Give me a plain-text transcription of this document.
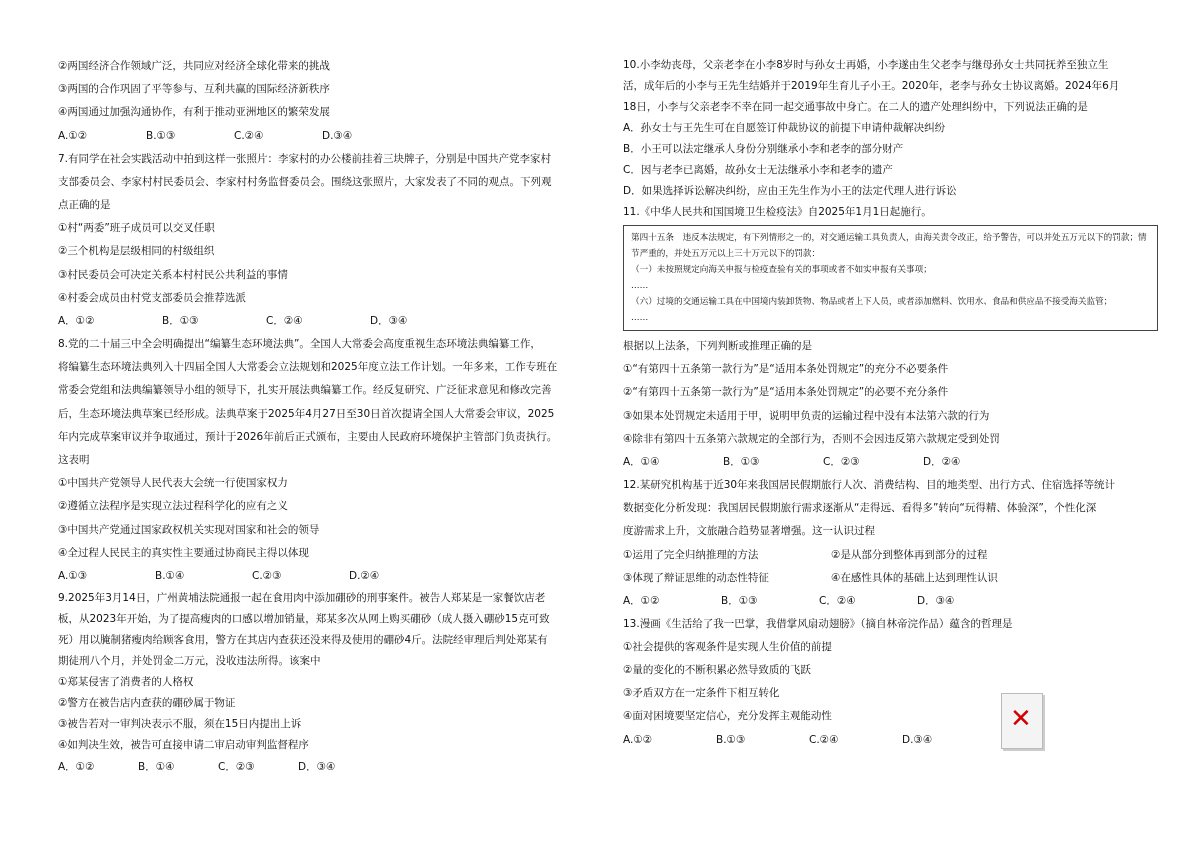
②两国经济合作领域广泛，共同应对经济全球化带来的挑战
③两国的合作巩固了平等参与、互利共赢的国际经济新秩序
④两国通过加强沟通协作，有利于推动亚洲地区的繁荣发展
A.①②	B.①③	C.②④	D.③④
7.有同学在社会实践活动中拍到这样一张照片：李家村的办公楼前挂着三块牌子，分别是中国共产党李家村
支部委员会、李家村村民委员会、李家村村务监督委员会。围绕这张照片，大家发表了不同的观点。下列观
点正确的是
①村“两委”班子成员可以交叉任职
②三个机构是层级相同的村级组织
③村民委员会可决定关系本村村民公共利益的事情
④村委会成员由村党支部委员会推荐选派
A．①②	B．①③	C．②④	D．③④
8.党的二十届三中全会明确提出“编纂生态环境法典”。全国人大常委会高度重视生态环境法典编纂工作，
将编纂生态环境法典列入十四届全国人大常委会立法规划和2025年度立法工作计划。一年多来，工作专班在
常委会党组和法典编纂领导小组的领导下，扎实开展法典编纂工作。经反复研究、广泛征求意见和修改完善
后，生态环境法典草案已经形成。法典草案于2025年4月27日至30日首次提请全国人大常委会审议，2025
年内完成草案审议并争取通过，预计于2026年前后正式颁布，主要由人民政府环境保护主管部门负责执行。
这表明
①中国共产党领导人民代表大会统一行使国家权力
②遵循立法程序是实现立法过程科学化的应有之义
③中国共产党通过国家政权机关实现对国家和社会的领导
④全过程人民民主的真实性主要通过协商民主得以体现
A.①③	B.①④	C.②③	D.②④
9.2025年3月14日，广州黄埔法院通报一起在食用肉中添加硼砂的刑事案件。被告人郑某是一家餐饮店老
板，从2023年开始，为了提高瘦肉的口感以增加销量，郑某多次从网上购买硼砂（成人摄入硼砂15克可致
死）用以腌制猪瘦肉给顾客食用，警方在其店内查获还没来得及使用的硼砂4斤。法院经审理后判处郑某有
期徒刑八个月，并处罚金二万元，没收违法所得。该案中
①郑某侵害了消费者的人格权
②警方在被告店内查获的硼砂属于物证
③被告若对一审判决表示不服，须在15日内提出上诉
④如判决生效，被告可直接申请二审启动审判监督程序
A．①②	B．①④	C．②③	D．③④
10.小李幼丧母，父亲老李在小李8岁时与孙女士再婚，小李遂由生父老李与继母孙女士共同抚养至独立生
活，成年后的小李与王先生结婚并于2019年生育儿子小王。2020年，老李与孙女士协议离婚。2024年6月
18日，小李与父亲老李不幸在同一起交通事故中身亡。在二人的遗产处理纠纷中，下列说法正确的是
A．孙女士与王先生可在自愿签订仲裁协议的前提下申请仲裁解决纠纷
B．小王可以法定继承人身份分别继承小李和老李的部分财产
C．因与老李已离婚，故孙女士无法继承小李和老李的遗产
D．如果选择诉讼解决纠纷，应由王先生作为小王的法定代理人进行诉讼
11.《中华人民共和国国境卫生检疫法》自2025年1月1日起施行。
第四十五条　违反本法规定，有下列情形之一的，对交通运输工具负责人，由海关责令改正，给予警告，可以并处五万元以下的罚款；情节严重的，并处五万元以上三十万元以下的罚款：
（一）未按照规定向海关申报与检疫查验有关的事项或者不如实申报有关事项；
……
（六）过境的交通运输工具在中国境内装卸货物、物品或者上下人员，或者添加燃料、饮用水、食品和供应品不接受海关监管；
……
根据以上法条，下列判断或推理正确的是
①“有第四十五条第一款行为”是“适用本条处罚规定”的充分不必要条件
②“有第四十五条第一款行为”是“适用本条处罚规定”的必要不充分条件
③如果本处罚规定未适用于甲，说明甲负责的运输过程中没有本法第六款的行为
④除非有第四十五条第六款规定的全部行为，否则不会因违反第六款规定受到处罚
A．①④	B．①③	C．②③	D．②④
12.某研究机构基于近30年来我国居民假期旅行人次、消费结构、目的地类型、出行方式、住宿选择等统计
数据变化分析发现：我国居民假期旅行需求逐渐从“走得远、看得多”转向“玩得精、体验深”，个性化深
度游需求上升，文旅融合趋势显著增强。这一认识过程
①运用了完全归纳推理的方法	②是从部分到整体再到部分的过程
③体现了辩证思维的动态性特征	④在感性具体的基础上达到理性认识
A．①②	B．①③	C．②④	D．③④
13.漫画《生活给了我一巴掌，我借掌风扇动翅膀》（摘自林帝浣作品）蕴含的哲理是
①社会提供的客观条件是实现人生价值的前提
②量的变化的不断积累必然导致质的飞跃
③矛盾双方在一定条件下相互转化
④面对困境要坚定信心，充分发挥主观能动性
A.①②	B.①③	C.②④	D.③④
✕
